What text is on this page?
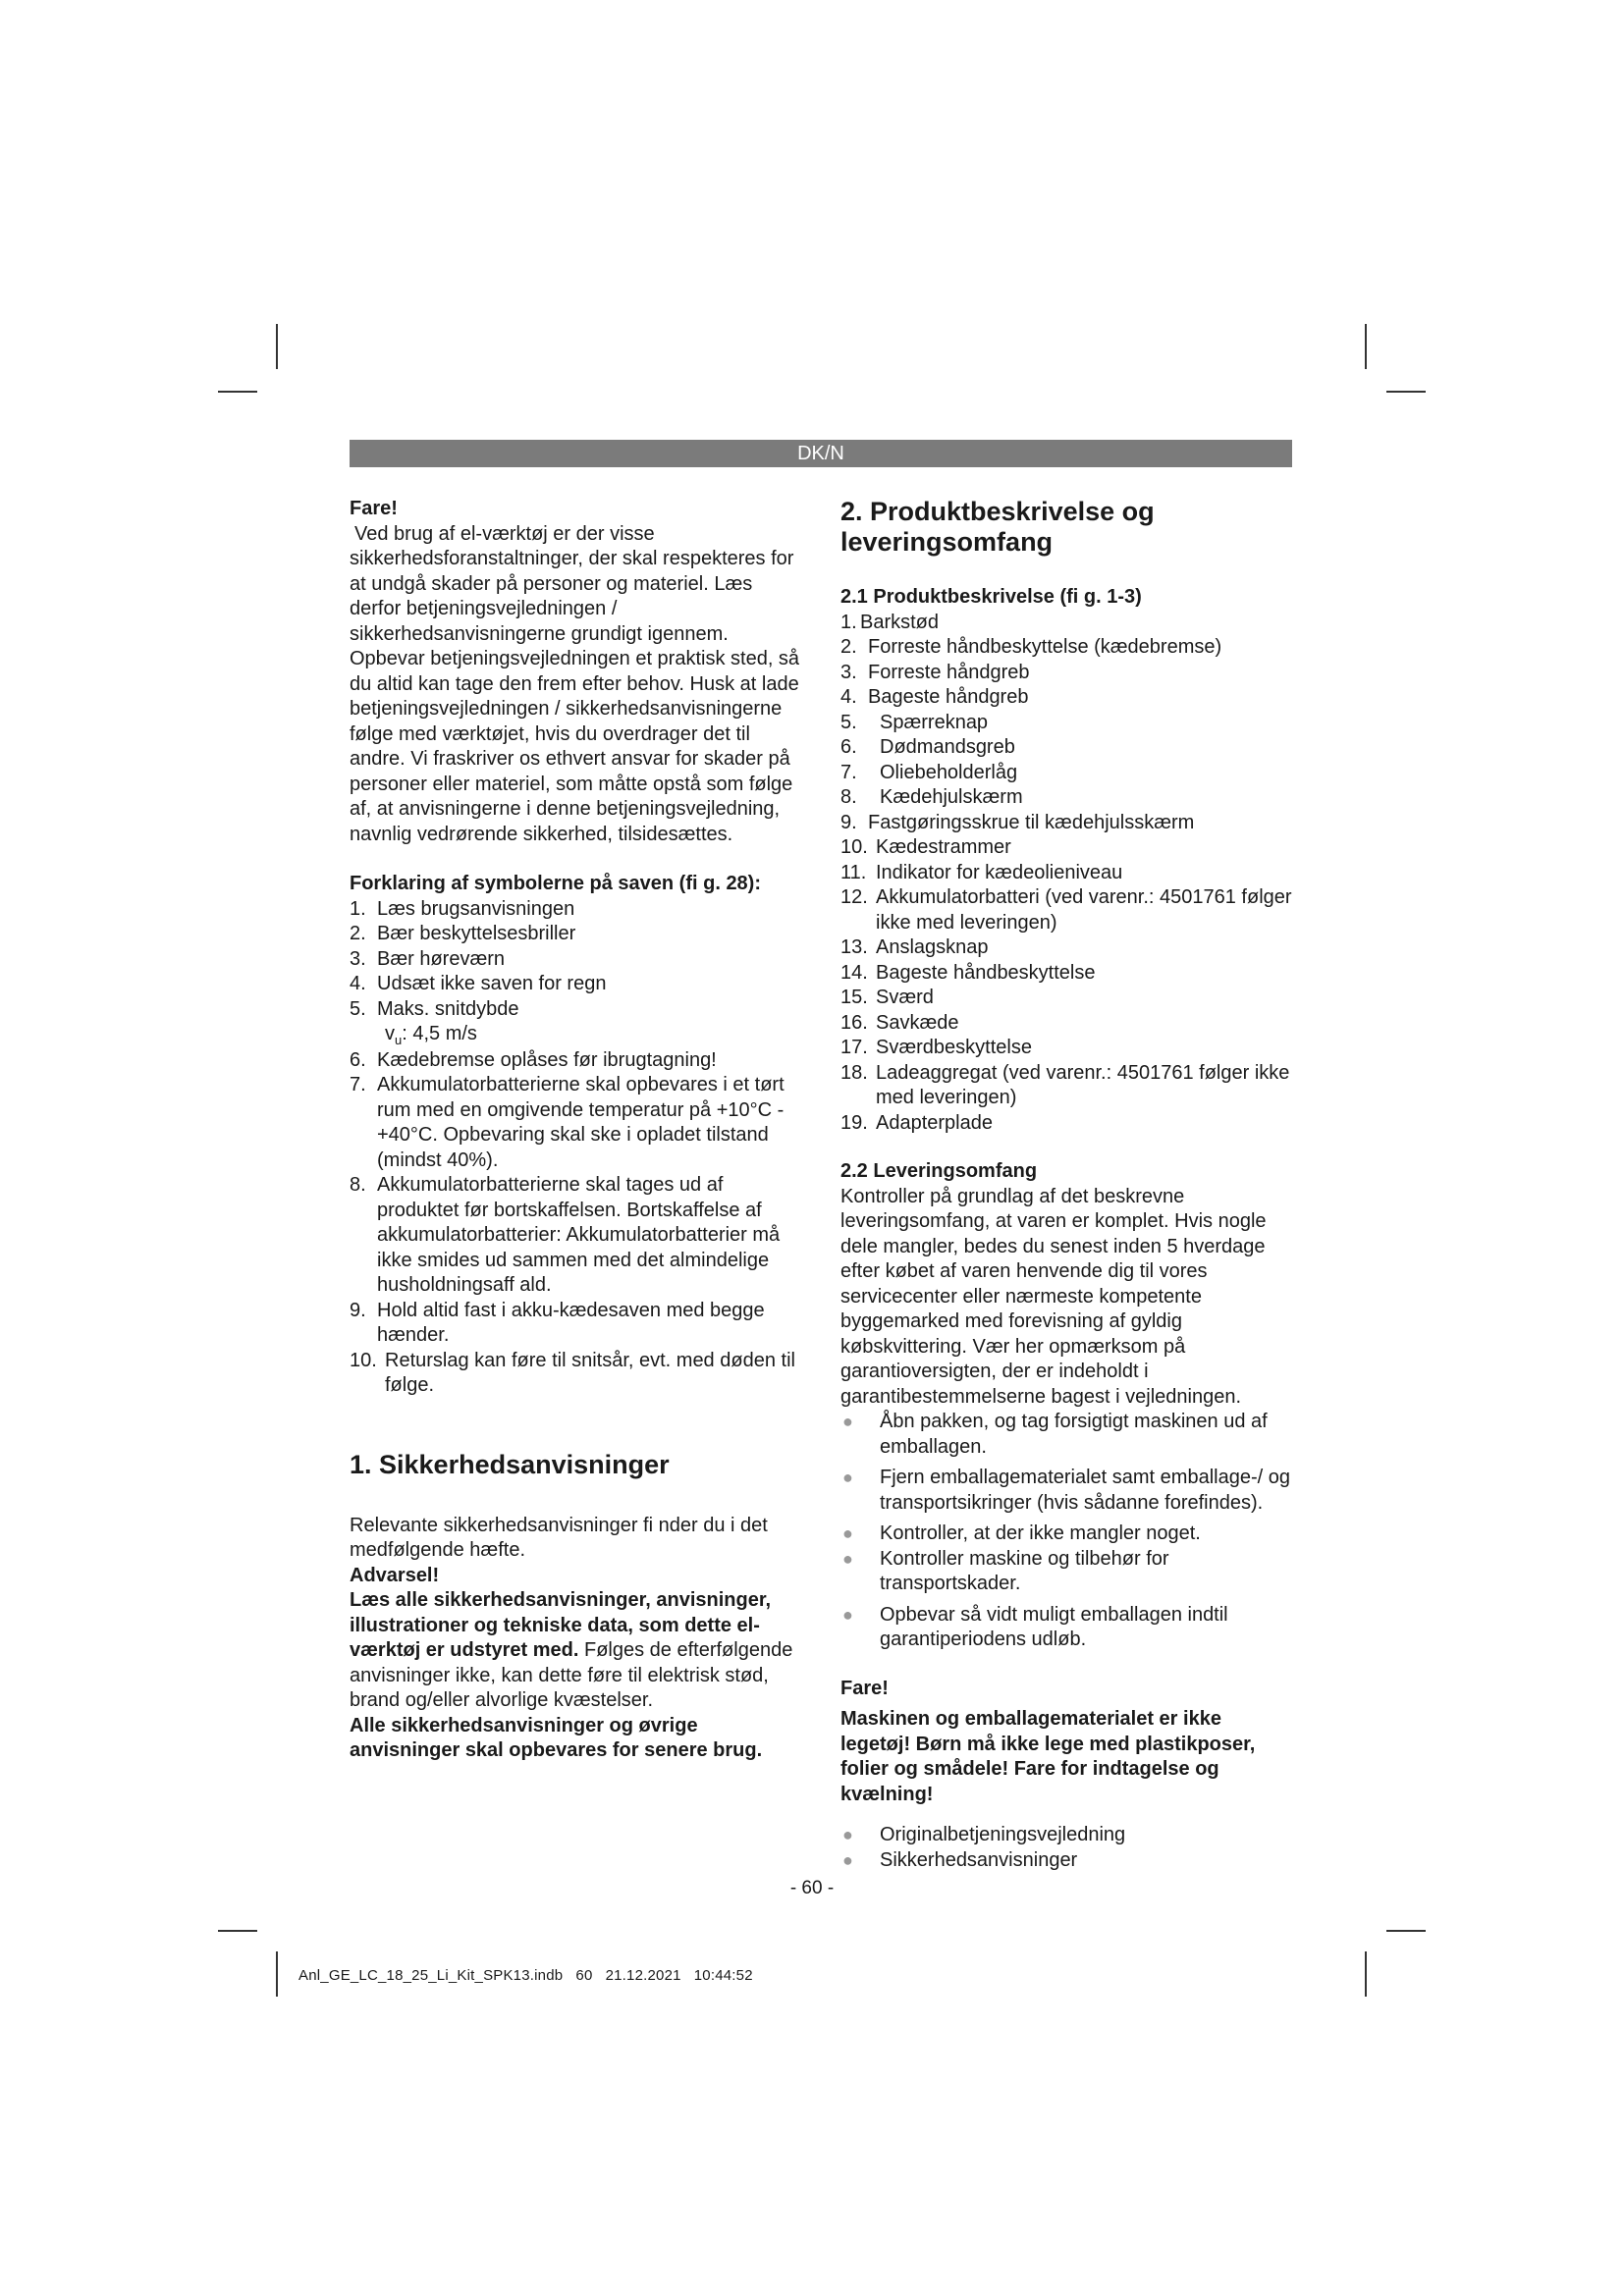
DK/N

Fare!

Ved brug af el-værktøj er der visse sikkerhedsforanstaltninger, der skal respekteres for at undgå skader på personer og materiel. Læs derfor betjeningsvejledningen / sikkerhedsanvisningerne grundigt igennem. Opbevar betjeningsvejledningen et praktisk sted, så du altid kan tage den frem efter behov. Husk at lade betjeningsvejledningen / sikkerhedsanvisningerne følge med værktøjet, hvis du overdrager det til andre. Vi fraskriver os ethvert ansvar for skader på personer eller materiel, som måtte opstå som følge af, at anvisningerne i denne betjeningsvejledning, navnlig vedrørende sikkerhed, tilsidesættes.

Forklaring af symbolerne på saven (fi g. 28):

1. Læs brugsanvisningen
2. Bær beskyttelsesbriller
3. Bær høreværn
4. Udsæt ikke saven for regn
5. Maks. snitdybde
$v_u$: 4,5 m/s
6. Kædebremse oplåses før ibrugtagning!
7. Akkumulatorbatterierne skal opbevares i et tørt rum med en omgivende temperatur på +10°C - +40°C. Opbevaring skal ske i opladet tilstand (mindst 40%).
8. Akkumulatorbatterierne skal tages ud af produktet før bortskaffelsen. Bortskaffelse af akkumulatorbatterier: Akkumulatorbatterier må ikke smides ud sammen med det almindelige husholdningsaff ald.
9. Hold altid fast i akku-kædesaven med begge hænder.
10. Returslag kan føre til snitsår, evt. med døden til følge.

1. Sikkerhedsanvisninger

Relevante sikkerhedsanvisninger fi nder du i det medfølgende hæfte.

Advarsel!

Læs alle sikkerhedsanvisninger, anvisninger, illustrationer og tekniske data, som dette el-værktøj er udstyret med. Følges de efterfølgende anvisninger ikke, kan dette føre til elektrisk stød, brand og/eller alvorlige kvæstelser.

Alle sikkerhedsanvisninger og øvrige anvisninger skal opbevares for senere brug.

2. Produktbeskrivelse og leveringsomfang

2.1 Produktbeskrivelse (fi g. 1-3)

1. Barkstød
2. Forreste håndbeskyttelse (kædebremse)
3. Forreste håndgreb
4. Bageste håndgreb
5. Spærreknap
6. Dødmandsgreb
7. Oliebeholderlåg
8. Kædehjulskærm
9. Fastgøringsskrue til kædehjulsskærm
10. Kædestrammer
11. Indikator for kædeolieniveau
12. Akkumulatorbatteri (ved varenr.: 4501761 følger ikke med leveringen)
13. Anslagsknap
14. Bageste håndbeskyttelse
15. Sværd
16. Savkæde
17. Sværdbeskyttelse
18. Ladeaggregat (ved varenr.: 4501761 følger ikke med leveringen)
19. Adapterplade

2.2 Leveringsomfang

Kontroller på grundlag af det beskrevne leveringsomfang, at varen er komplet. Hvis nogle dele mangler, bedes du senest inden 5 hverdage efter købet af varen henvende dig til vores servicecenter eller nærmeste kompetente byggemarked med forevisning af gyldig købskvittering. Vær her opmærksom på garantioversigten, der er indeholdt i garantibestemmelserne bagest i vejledningen.

● Åbn pakken, og tag forsigtigt maskinen ud af emballagen.
● Fjern emballagematerialet samt emballage-/ og transportsikringer (hvis sådanne forefindes).
● Kontroller, at der ikke mangler noget.
● Kontroller maskine og tilbehør for transportskader.
● Opbevar så vidt muligt emballagen indtil garantiperiodens udløb.

Fare!

Maskinen og emballagematerialet er ikke legetøj! Børn må ikke lege med plastikposer, folier og smådele! Fare for indtagelse og kvælning!

● Originalbetjeningsvejledning
● Sikkerhedsanvisninger
- 60 -
Anl_GE_LC_18_25_Li_Kit_SPK13.indb   60   21.12.2021   10:44:52
